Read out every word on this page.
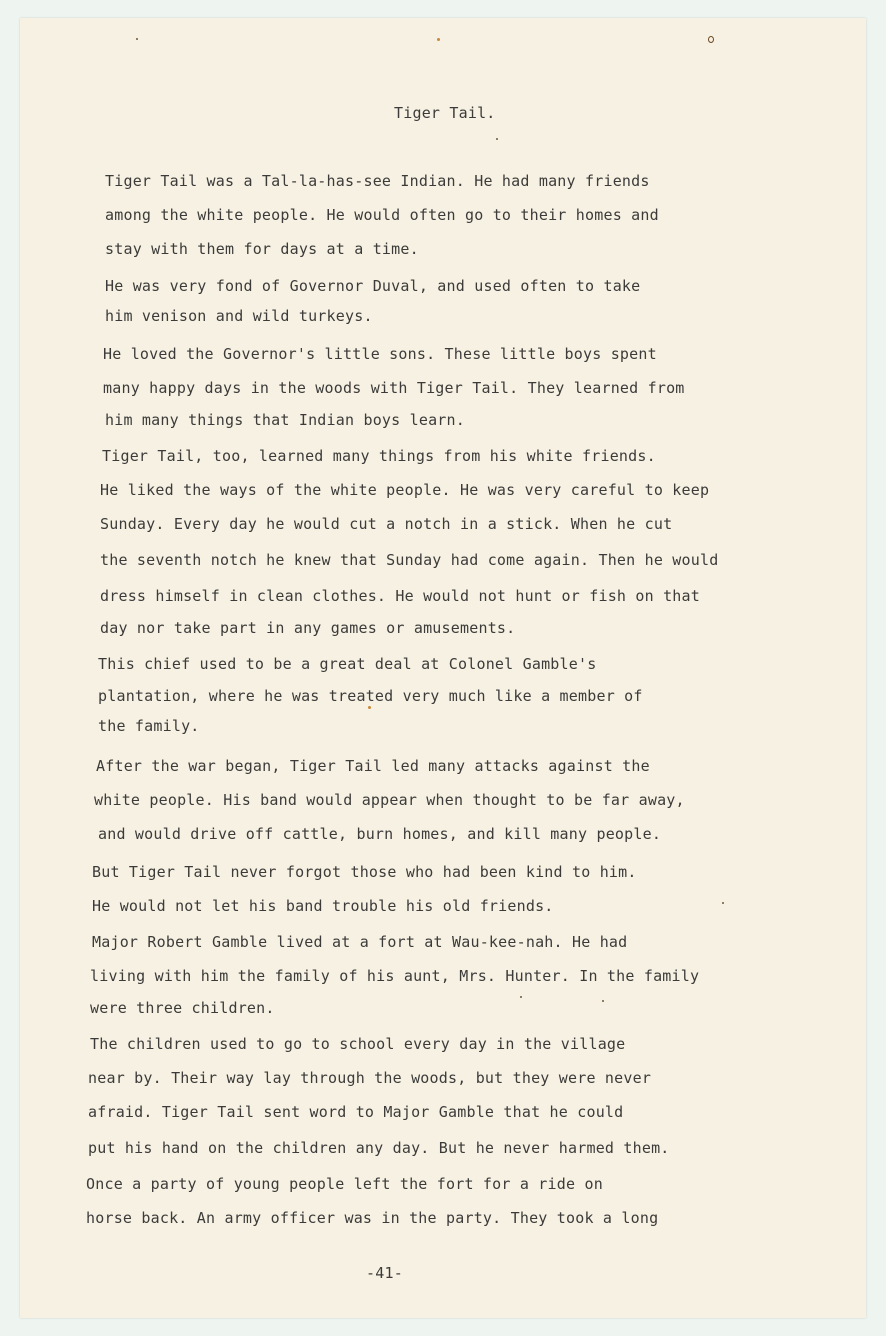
Tiger Tail.
Tiger Tail was a Tal-la-has-see Indian. He had many friends
among the white people. He would often go to their homes and
stay with them for days at a time.
He was very fond of Governor Duval, and used often to take
him venison and wild turkeys.
He loved the Governor's little sons. These little boys spent
many happy days in the woods with Tiger Tail. They learned from
him many things that Indian boys learn.
Tiger Tail, too, learned many things from his white friends.
He liked the ways of the white people. He was very careful to keep
Sunday. Every day he would cut a notch in a stick. When he cut
the seventh notch he knew that Sunday had come again. Then he would
dress himself in clean clothes. He would not hunt or fish on that
day nor take part in any games or amusements.
This chief used to be a great deal at Colonel Gamble's
plantation, where he was treated very much like a member of
the family.
After the war began, Tiger Tail led many attacks against the
white people. His band would appear when thought to be far away,
and would drive off cattle, burn homes, and kill many people.
But Tiger Tail never forgot those who had been kind to him.
He would not let his band trouble his old friends.
Major Robert Gamble lived at a fort at Wau-kee-nah. He had
living with him the family of his aunt, Mrs. Hunter. In the family
were three children.
The children used to go to school every day in the village
near by. Their way lay through the woods, but they were never
afraid. Tiger Tail sent word to Major Gamble that he could
put his hand on the children any day. But he never harmed them.
Once a party of young people left the fort for a ride on
horse back. An army officer was in the party. They took a long
-41-
